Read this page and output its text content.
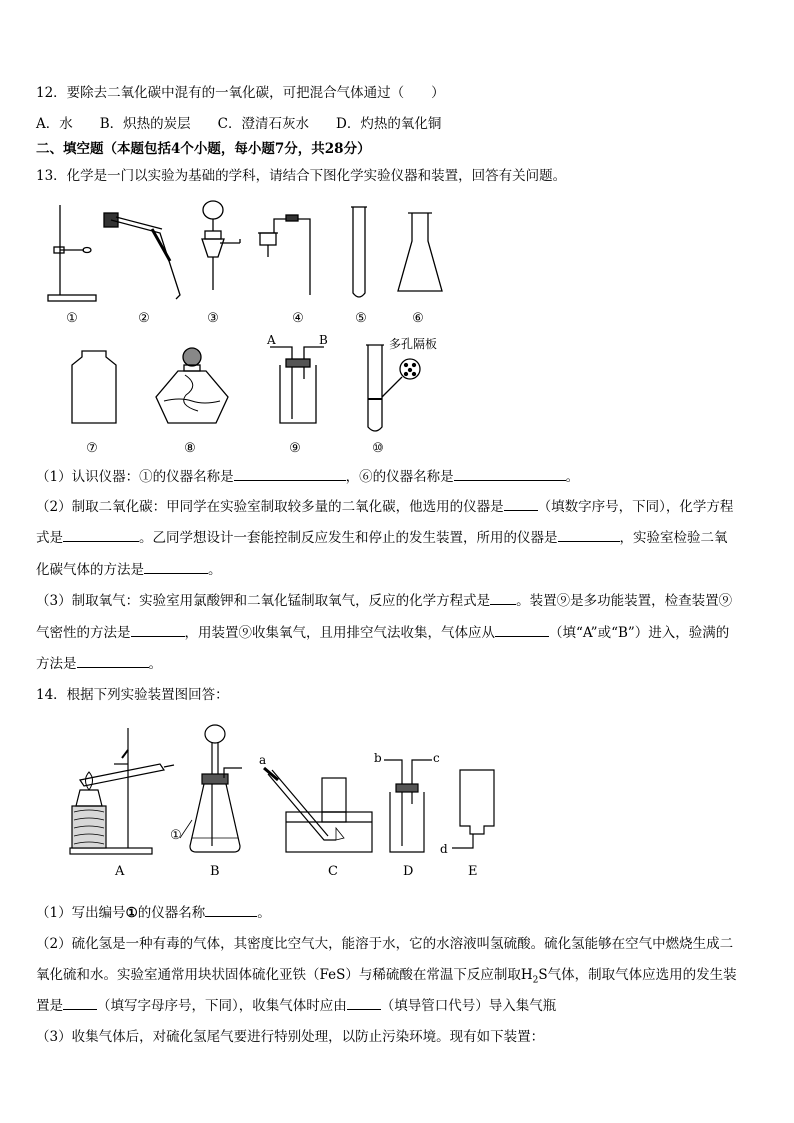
12．要除去二氧化碳中混有的一氧化碳，可把混合气体通过（　　）
A．水　　B．炽热的炭层　　C．澄清石灰水　　D．灼热的氧化铜
二、填空题（本题包括4个小题，每小题7分，共28分）
13．化学是一门以实验为基础的学科，请结合下图化学实验仪器和装置，回答有关问题。
①	②	③	④	⑤	⑥
A	B	多孔隔板
⑦	⑧	⑨	⑩
（1）认识仪器：①的仪器名称是	，⑥的仪器名称是	。
（2）制取二氧化碳：甲同学在实验室制取较多量的二氧化碳，他选用的仪器是	（填数字序号，下同），化学方程
式是	。乙同学想设计一套能控制反应发生和停止的发生装置，所用的仪器是	，实验室检验二氧
化碳气体的方法是	。
（3）制取氧气：实验室用氯酸钾和二氧化锰制取氧气，反应的化学方程式是 。装置⑨是多功能装置，检查装置⑨
气密性的方法是	，用装置⑨收集氧气，且用排空气法收集，气体应从	（填“A”或“B”）进入，验满的
方法是	。
14．根据下列实验装置图回答：
A	B	C	D	E
①
a	b	c
d
（1）写出编号①的仪器名称	。
（2）硫化氢是一种有毒的气体，其密度比空气大，能溶于水，它的水溶液叫氢硫酸。硫化氢能够在空气中燃烧生成二
氧化硫和水。实验室通常用块状固体硫化亚铁（FeS）与稀硫酸在常温下反应制取$H_2S$气体，制取气体应选用的发生装
置是	（填写字母序号，下同），收集气体时应由	（填导管口代号）导入集气瓶
（3）收集气体后，对硫化氢尾气要进行特别处理，以防止污染环境。现有如下装置：
